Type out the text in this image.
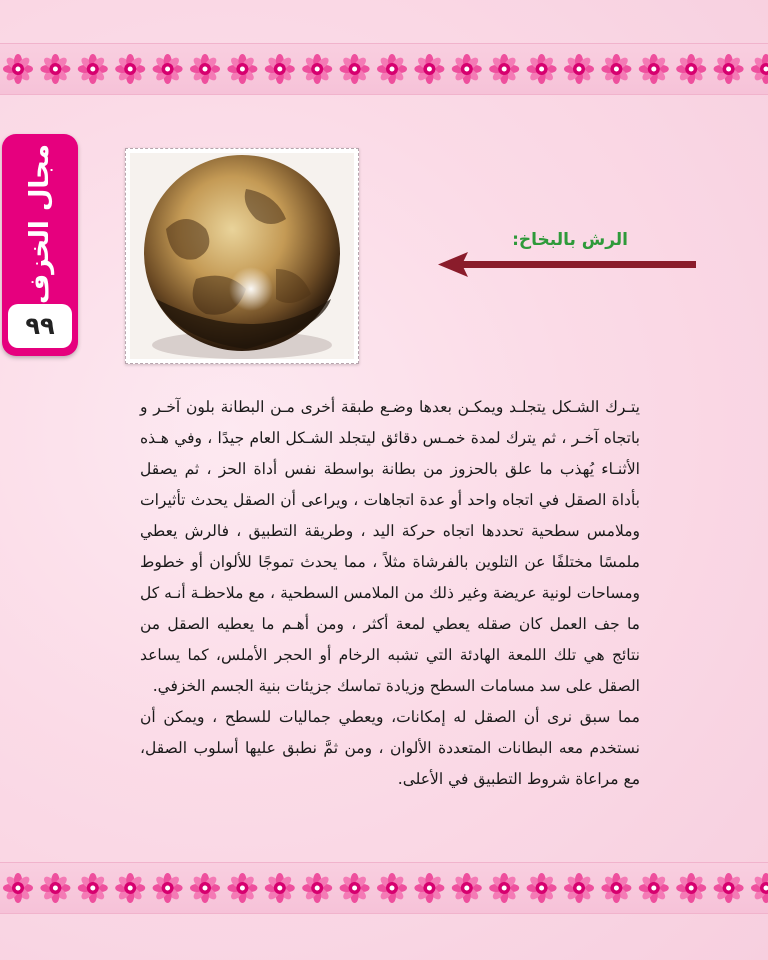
مجال الخزف
٩٩
الرش بالبخاخ:

يتـرك الشـكل يتجلـد ويمكـن بعدها وضـع طبقة أخرى مـن البطانة بلون آخـر و باتجاه آخـر ، ثم يترك لمدة خمـس دقائق ليتجلد الشـكل العام جيدًا ، وفي هـذه الأثنـاء يُهذب ما علق بالحزوز من بطانة بواسطة نفس أداة الحز ، ثم يصقل بأداة الصقل في اتجاه واحد أو عدة اتجاهات ، ويراعى أن الصقل يحدث تأثيرات وملامس سطحية تحددها اتجاه حركة اليد ، وطريقة التطبيق ، فالرش يعطي ملمسًا مختلفًا عن التلوين بالفرشاة مثلاً ، مما يحدث تموجًا للألوان أو خطوط ومساحات لونية عريضة وغير ذلك من الملامس السطحية ، مع ملاحظـة أنـه كل ما جف العمل كان صقله يعطي لمعة أكثر ، ومن أهـم ما يعطيه الصقل من نتائج هي تلك اللمعة الهادئة التي تشبه الرخام أو الحجر الأملس، كما يساعد الصقل على سد مسامات السطح وزيادة تماسك جزيئات بنية الجسم الخزفي.

مما سبق نرى أن الصقل له إمكانات، ويعطي جماليات للسطح ، ويمكن أن نستخدم معه البطانات المتعددة الألوان ، ومن ثمَّ نطبق عليها أسلوب الصقل، مع مراعاة شروط التطبيق في الأعلى.
